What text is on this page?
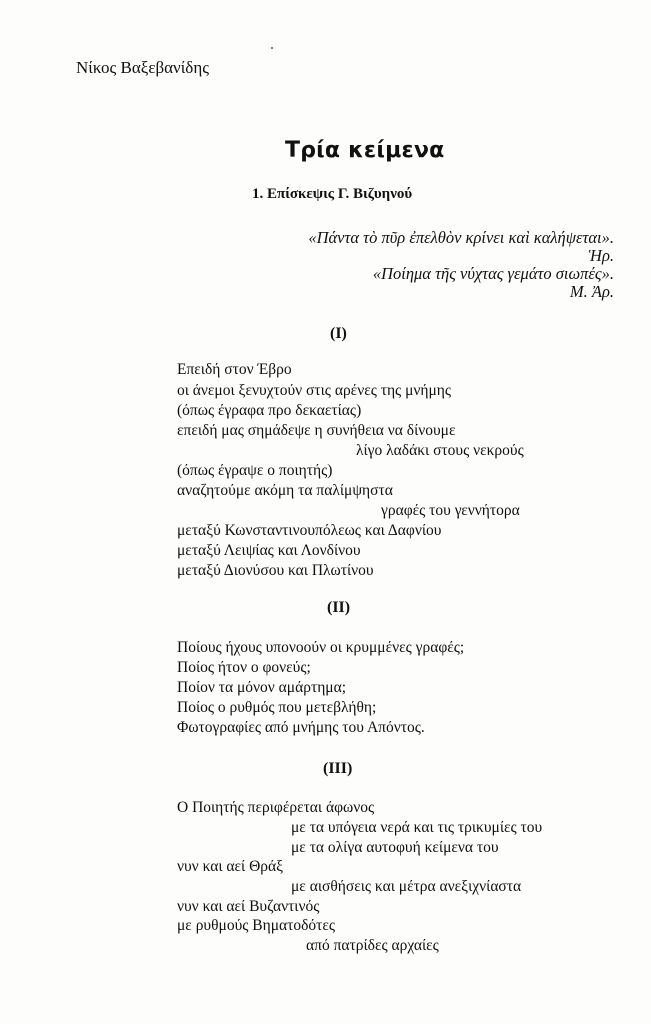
Νίκος Βαξεβανίδης
Τρία κείμενα
1. Επίσκεψις Γ. Βιζυηνού
«Πάντα τὸ πῦρ ἐπελθὸν κρίνει καὶ καλήψεται».
Ἡρ.
«Ποίημα τῆς νύχτας γεμάτο σιωπές».
Μ. Ἀρ.
(I)
Επειδή στον Έβρο
οι άνεμοι ξενυχτούν στις αρένες της μνήμης
(όπως έγραφα προ δεκαετίας)
επειδή μας σημάδεψε η συνήθεια να δίνουμε
λίγο λαδάκι στους νεκρούς
(όπως έγραψε ο ποιητής)
αναζητούμε ακόμη τα παλίμψηστα
γραφές του γεννήτορα
μεταξύ Κωνσταντινουπόλεως και Δαφνίου
μεταξύ Λειψίας και Λονδίνου
μεταξύ Διονύσου και Πλωτίνου
(II)
Ποίους ήχους υπονοούν οι κρυμμένες γραφές;
Ποίος ήτον ο φονεύς;
Ποίον τα μόνον αμάρτημα;
Ποίος ο ρυθμός που μετεβλήθη;
Φωτογραφίες από μνήμης του Απόντος.
(III)
Ο Ποιητής περιφέρεται άφωνος
με τα υπόγεια νερά και τις τρικυμίες του
με τα ολίγα αυτοφυή κείμενα του
νυν και αεί Θράξ
με αισθήσεις και μέτρα ανεξιχνίαστα
νυν και αεί Βυζαντινός
με ρυθμούς Βηματοδότες
από πατρίδες αρχαίες
